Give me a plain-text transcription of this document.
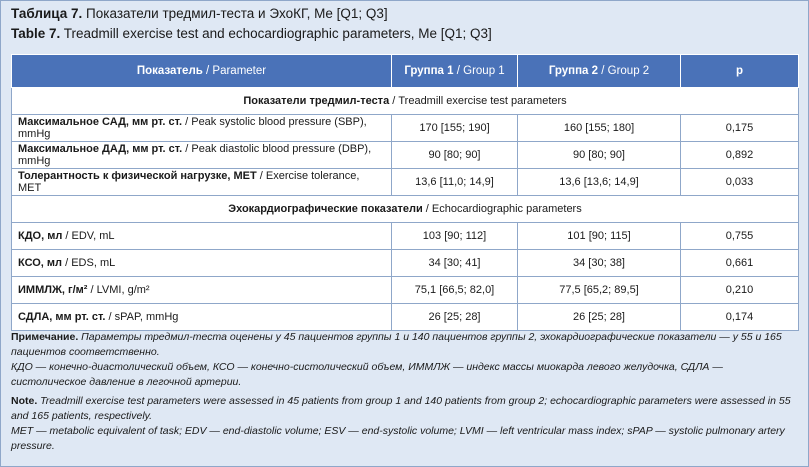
Таблица 7. Показатели тредмил-теста и ЭхоКГ, Me [Q1; Q3]
Table 7. Treadmill exercise test and echocardiographic parameters, Me [Q1; Q3]
Показатель / Parameter	Группа 1 / Group 1	Группа 2 / Group 2	p
Показатели тредмил-теста / Treadmill exercise test parameters			
Максимальное САД, мм рт. ст. / Peak systolic blood pressure (SBP), mmHg	170 [155; 190]	160 [155; 180]	0,175
Максимальное ДАД, мм рт. ст. / Peak diastolic blood pressure (DBP), mmHg	90 [80; 90]	90 [80; 90]	0,892
Толерантность к физической нагрузке, МЕТ / Exercise tolerance, MET	13,6 [11,0; 14,9]	13,6 [13,6; 14,9]	0,033
Эхокардиографические показатели / Echocardiographic parameters			
КДО, мл / EDV, mL	103 [90; 112]	101 [90; 115]	0,755
КСО, мл / EDS, mL	34 [30; 41]	34 [30; 38]	0,661
ИММЛЖ, г/м² / LVMI, g/m²	75,1 [66,5; 82,0]	77,5 [65,2; 89,5]	0,210
СДЛА, мм рт. ст. / sPAP, mmHg	26 [25; 28]	26 [25; 28]	0,174
Примечание. Параметры тредмил-теста оценены у 45 пациентов группы 1 и 140 пациентов группы 2, эхокардиографические показатели — у 55 и 165 пациентов соответственно.
КДО — конечно-диастолический объем, КСО — конечно-систолический объем, ИММЛЖ — индекс массы миокарда левого желудочка, СДЛА — систолическое давление в легочной артерии.
Note. Treadmill exercise test parameters were assessed in 45 patients from group 1 and 140 patients from group 2; echocardiographic parameters were assessed in 55 and 165 patients, respectively.
MET — metabolic equivalent of task; EDV — end-diastolic volume; ESV — end-systolic volume; LVMI — left ventricular mass index; sPAP — systolic pulmonary artery pressure.
